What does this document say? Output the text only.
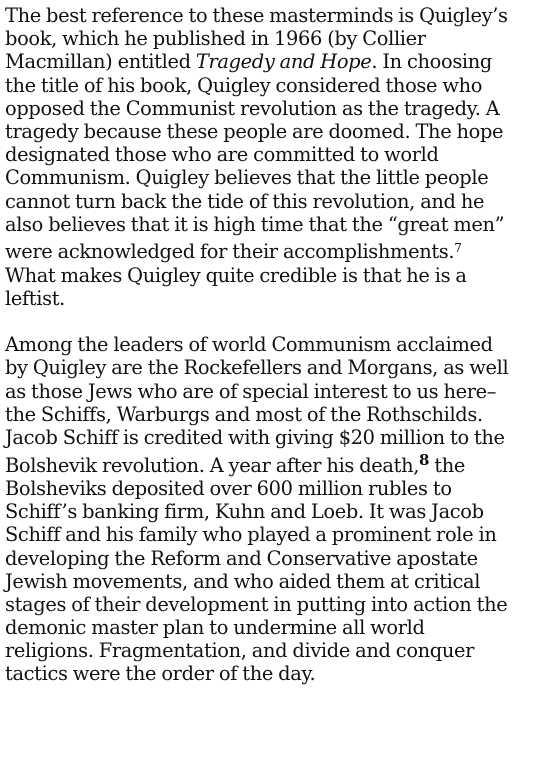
The best reference to these masterminds is Quigley’s
book, which he published in 1966 (by Collier
Macmillan) entitled Tragedy and Hope. In choosing
the title of his book, Quigley considered those who
opposed the Communist revolution as the tragedy. A
tragedy because these people are doomed. The hope
designated those who are committed to world
Communism. Quigley believes that the little people
cannot turn back the tide of this revolution, and he
also believes that it is high time that the “great men”
were acknowledged for their accomplishments.$^7$
What makes Quigley quite credible is that he is a
leftist.
Among the leaders of world Communism acclaimed
by Quigley are the Rockefellers and Morgans, as well
as those Jews who are of special interest to us here–
the Schiffs, Warburgs and most of the Rothschilds.
Jacob Schiff is credited with giving $20 million to the
Bolshevik revolution. A year after his death,$^8$ the
Bolsheviks deposited over 600 million rubles to
Schiff’s banking firm, Kuhn and Loeb. It was Jacob
Schiff and his family who played a prominent role in
developing the Reform and Conservative apostate
Jewish movements, and who aided them at critical
stages of their development in putting into action the
demonic master plan to undermine all world
religions. Fragmentation, and divide and conquer
tactics were the order of the day.
